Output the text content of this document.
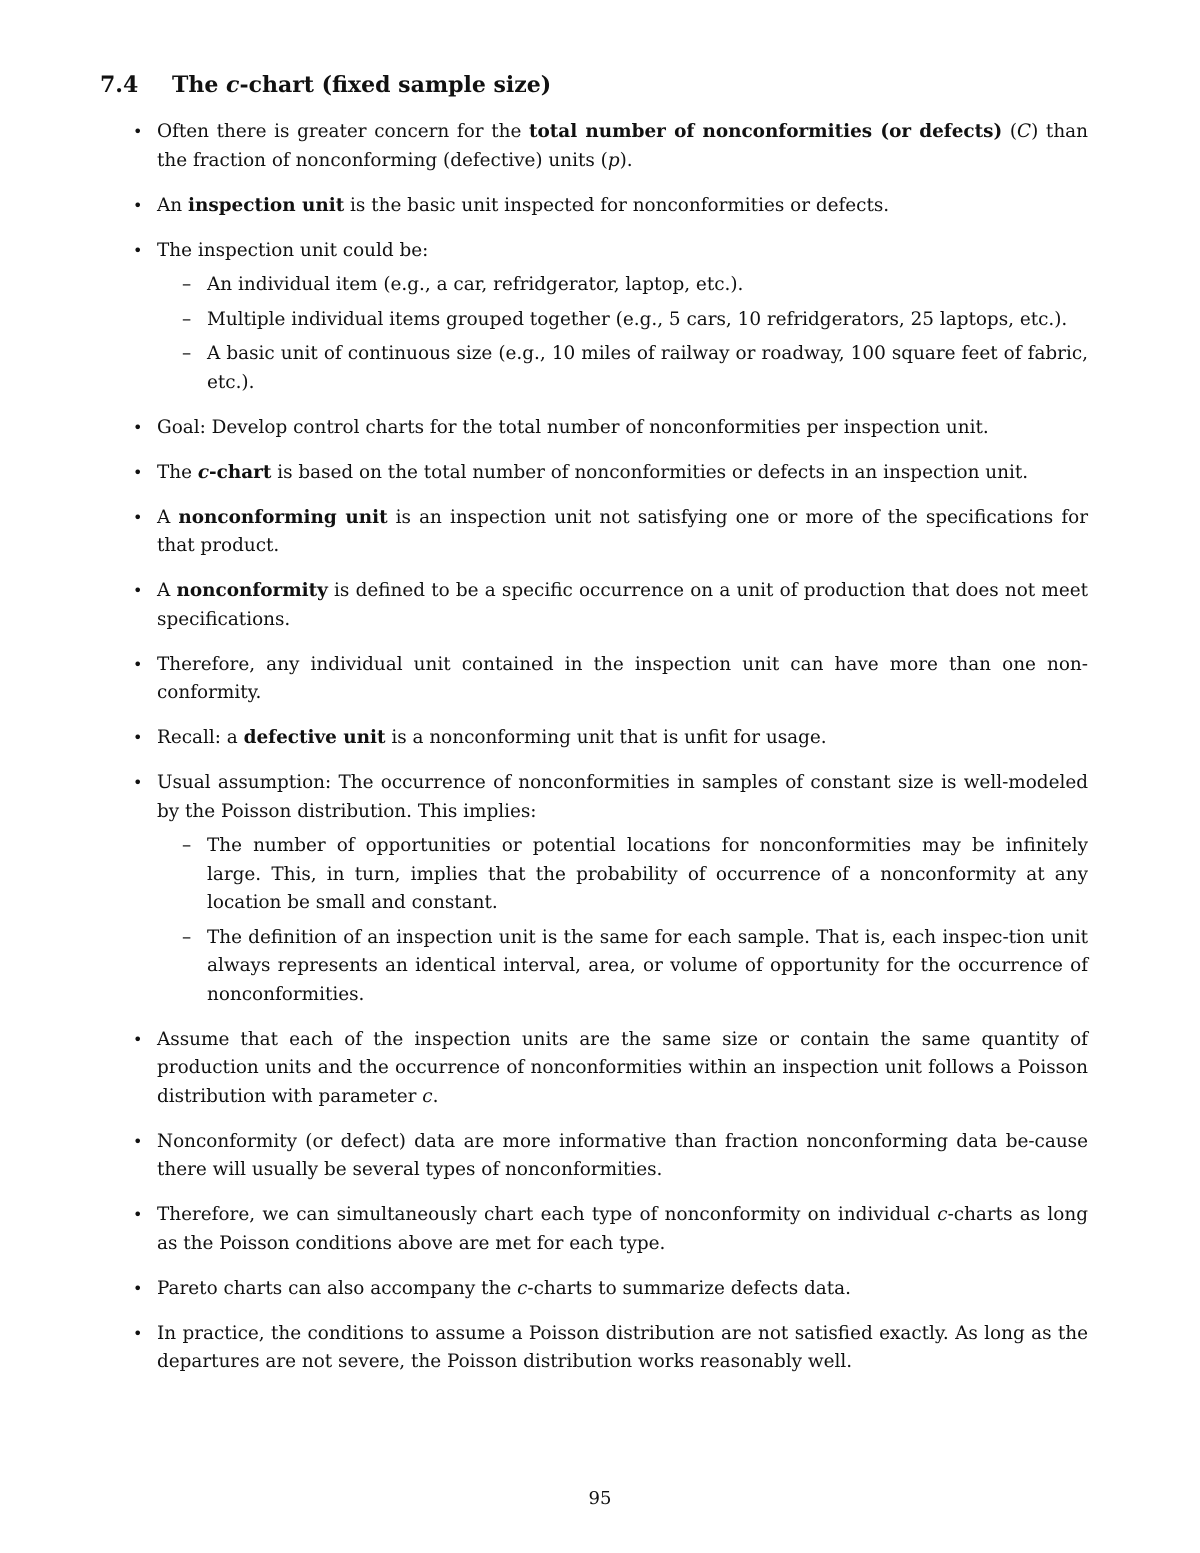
7.4 The c-chart (fixed sample size)
• Often there is greater concern for the total number of nonconformities (or defects) (C) than the fraction of nonconforming (defective) units (p).
• An inspection unit is the basic unit inspected for nonconformities or defects.
• The inspection unit could be:
– An individual item (e.g., a car, refridgerator, laptop, etc.).
– Multiple individual items grouped together (e.g., 5 cars, 10 refridgerators, 25 laptops, etc.).
– A basic unit of continuous size (e.g., 10 miles of railway or roadway, 100 square feet of fabric, etc.).
• Goal: Develop control charts for the total number of nonconformities per inspection unit.
• The c-chart is based on the total number of nonconformities or defects in an inspection unit.
• A nonconforming unit is an inspection unit not satisfying one or more of the specifications for that product.
• A nonconformity is defined to be a specific occurrence on a unit of production that does not meet specifications.
• Therefore, any individual unit contained in the inspection unit can have more than one non-conformity.
• Recall: a defective unit is a nonconforming unit that is unfit for usage.
• Usual assumption: The occurrence of nonconformities in samples of constant size is well-modeled by the Poisson distribution. This implies:
– The number of opportunities or potential locations for nonconformities may be infinitely large. This, in turn, implies that the probability of occurrence of a nonconformity at any location be small and constant.
– The definition of an inspection unit is the same for each sample. That is, each inspec-tion unit always represents an identical interval, area, or volume of opportunity for the occurrence of nonconformities.
• Assume that each of the inspection units are the same size or contain the same quantity of production units and the occurrence of nonconformities within an inspection unit follows a Poisson distribution with parameter c.
• Nonconformity (or defect) data are more informative than fraction nonconforming data be-cause there will usually be several types of nonconformities.
• Therefore, we can simultaneously chart each type of nonconformity on individual c-charts as long as the Poisson conditions above are met for each type.
• Pareto charts can also accompany the c-charts to summarize defects data.
• In practice, the conditions to assume a Poisson distribution are not satisfied exactly. As long as the departures are not severe, the Poisson distribution works reasonably well.
95
